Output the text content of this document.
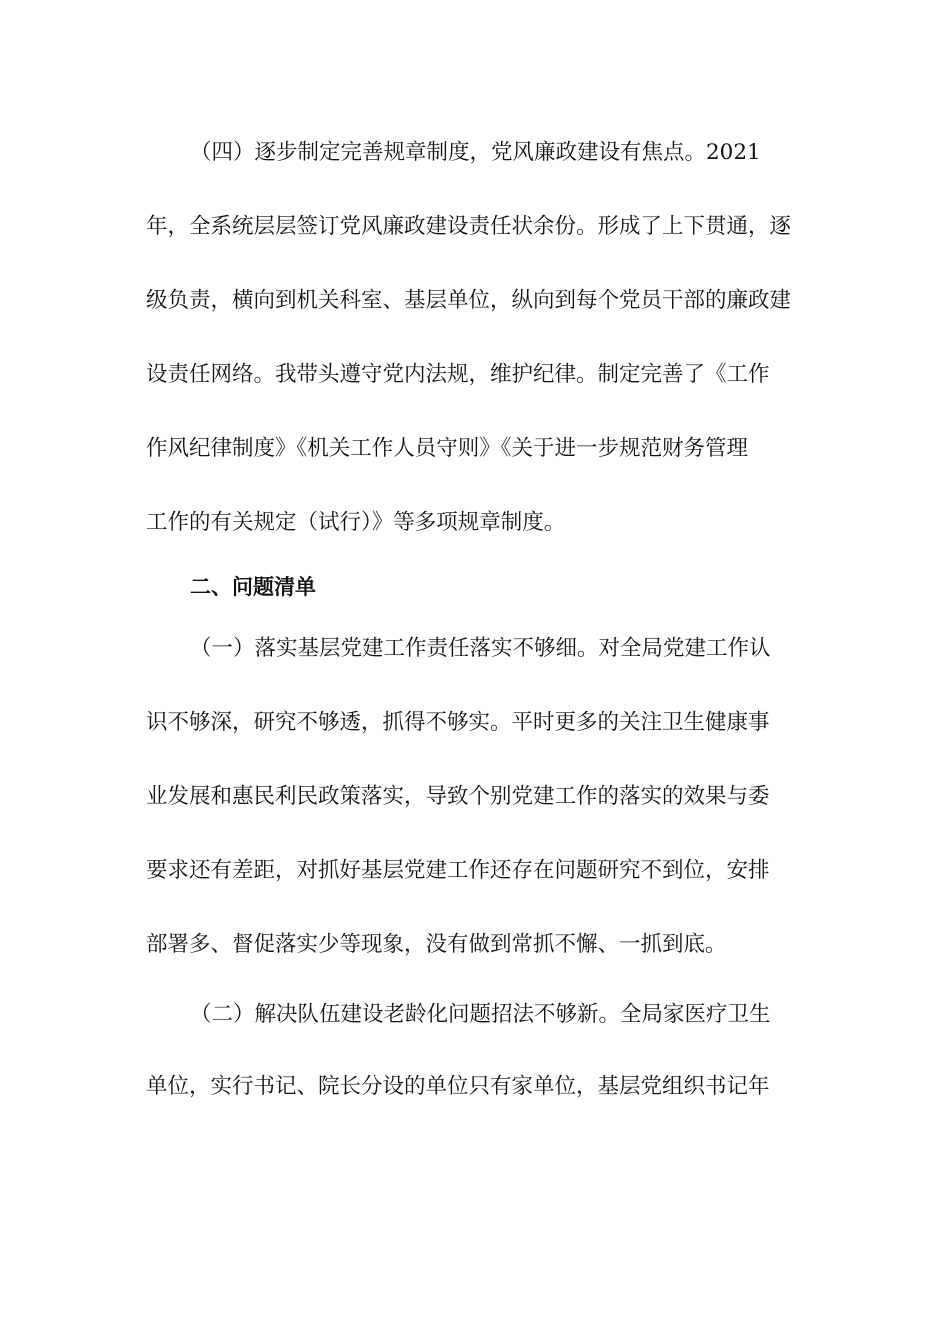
（四）逐步制定完善规章制度，党风廉政建设有焦点。2021
年，全系统层层签订党风廉政建设责任状余份。形成了上下贯通，逐
级负责，横向到机关科室、基层单位，纵向到每个党员干部的廉政建
设责任网络。我带头遵守党内法规，维护纪律。制定完善了《工作
作风纪律制度》《机关工作人员守则》《关于进一步规范财务管理
工作的有关规定（试行）》等多项规章制度。
二、问题清单
（一）落实基层党建工作责任落实不够细。对全局党建工作认
识不够深，研究不够透，抓得不够实。平时更多的关注卫生健康事
业发展和惠民利民政策落实，导致个别党建工作的落实的效果与委
要求还有差距，对抓好基层党建工作还存在问题研究不到位，安排
部署多、督促落实少等现象，没有做到常抓不懈、一抓到底。
（二）解决队伍建设老龄化问题招法不够新。全局家医疗卫生
单位，实行书记、院长分设的单位只有家单位，基层党组织书记年
